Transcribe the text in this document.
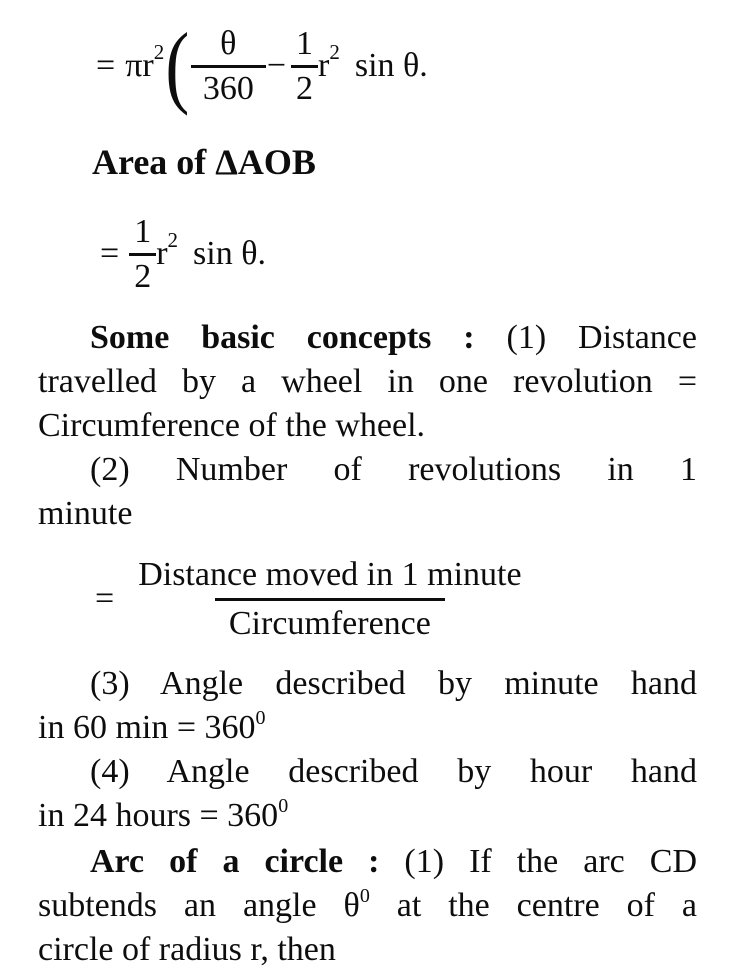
= $\pi r^2$ ( $\frac{\theta}{360} - \frac{1}{2} r^2$ sin θ.
Area of ΔAOB
= $\frac{1}{2} r^2$ sin θ.
Some basic concepts : (1) Distance
travelled by a wheel in one revolution =
Circumference of the wheel.
(2) Number of revolutions in 1
minute
= $\frac{\text{Distance moved in 1 minute}}{\text{Circumference}}$
(3) Angle described by minute hand
in 60 $\min = 360^0$
(4) Angle described by hour hand
in 24 hours = $360^0$
Arc of a circle : (1) If the arc CD
subtends an angle $\theta^0$ at the centre of a
circle of radius r, then
